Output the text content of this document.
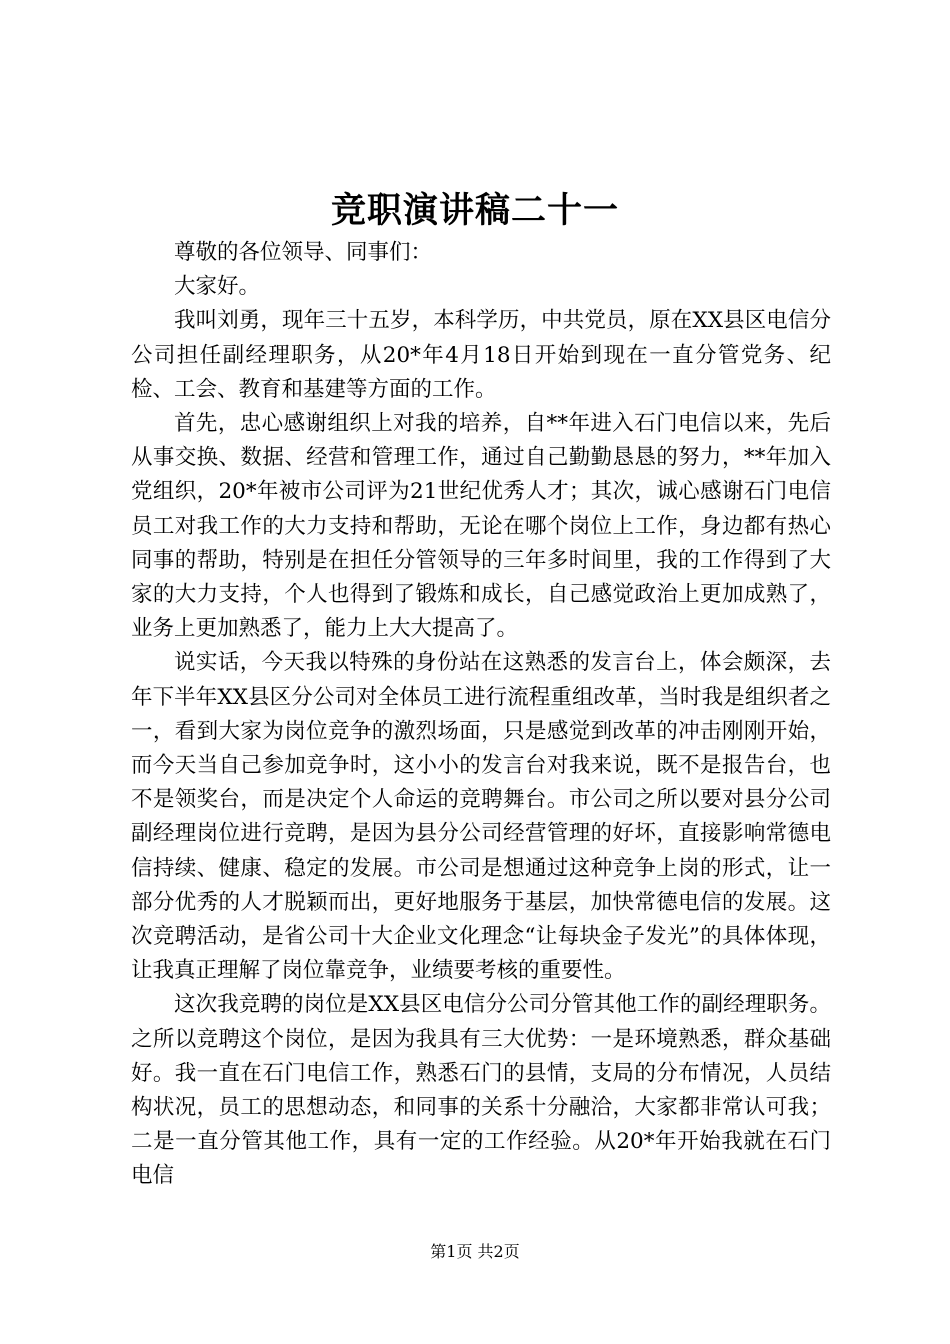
竞职演讲稿二十一

尊敬的各位领导、同事们：

大家好。

我叫刘勇，现年三十五岁，本科学历，中共党员，原在XX县区电信分公司担任副经理职务，从20*年4月18日开始到现在一直分管党务、纪检、工会、教育和基建等方面的工作。

首先，忠心感谢组织上对我的培养，自**年进入石门电信以来，先后从事交换、数据、经营和管理工作，通过自己勤勤恳恳的努力，**年加入党组织，20*年被市公司评为21世纪优秀人才；其次，诚心感谢石门电信员工对我工作的大力支持和帮助，无论在哪个岗位上工作，身边都有热心同事的帮助，特别是在担任分管领导的三年多时间里，我的工作得到了大家的大力支持，个人也得到了锻炼和成长，自己感觉政治上更加成熟了，业务上更加熟悉了，能力上大大提高了。

说实话，今天我以特殊的身份站在这熟悉的发言台上，体会颇深，去年下半年XX县区分公司对全体员工进行流程重组改革，当时我是组织者之一，看到大家为岗位竞争的激烈场面，只是感觉到改革的冲击刚刚开始，而今天当自己参加竞争时，这小小的发言台对我来说，既不是报告台，也不是领奖台，而是决定个人命运的竞聘舞台。市公司之所以要对县分公司副经理岗位进行竞聘，是因为县分公司经营管理的好坏，直接影响常德电信持续、健康、稳定的发展。市公司是想通过这种竞争上岗的形式，让一部分优秀的人才脱颖而出，更好地服务于基层，加快常德电信的发展。这次竞聘活动，是省公司十大企业文化理念“让每块金子发光”的具体体现，让我真正理解了岗位靠竞争，业绩要考核的重要性。

这次我竞聘的岗位是XX县区电信分公司分管其他工作的副经理职务。之所以竞聘这个岗位，是因为我具有三大优势：一是环境熟悉，群众基础好。我一直在石门电信工作，熟悉石门的县情，支局的分布情况，人员结构状况，员工的思想动态，和同事的关系十分融洽，大家都非常认可我；二是一直分管其他工作，具有一定的工作经验。从20*年开始我就在石门电信

第1页 共2页
